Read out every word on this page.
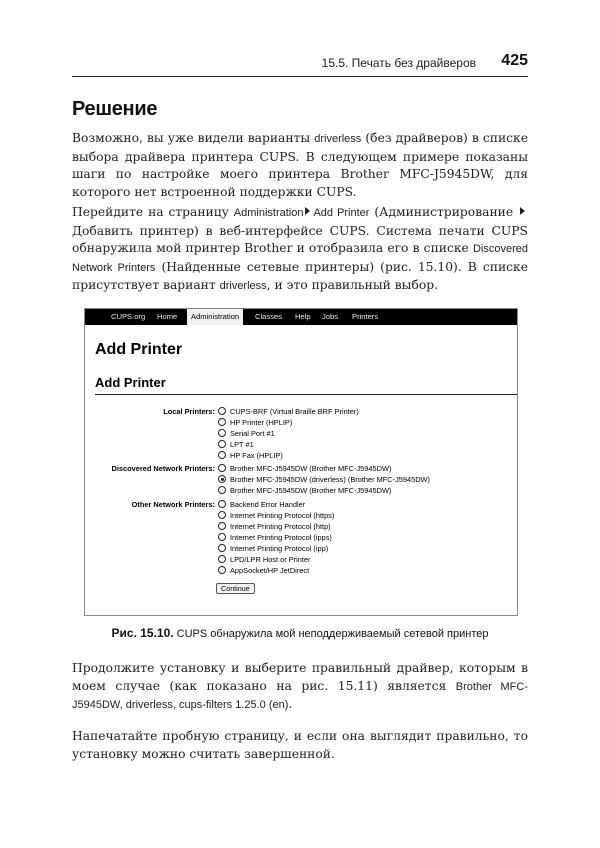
15.5. Печать без драйверов 425
Решение

Возможно, вы уже видели варианты driverless (без драйверов) в списке выбора драйвера принтера CUPS. В следующем примере показаны шаги по настройке моего принтера Brother MFC-J5945DW, для которого нет встроенной поддержки CUPS.

Перейдите на страницу Administration Add Printer (Администрирование Добавить принтер) в веб-интерфейсе CUPS. Система печати CUPS обнаружила мой принтер Brother и отобразила его в списке Discovered Network Printers (Найденные сетевые принтеры) (рис. 15.10). В списке присутствует вариант driverless, и это правильный выбор.

CUPS.org Home	Administration	Classes Help Jobs Printers
Add Printer
Add Printer
Local Printers:	CUPS-BRF (Virtual Braille BRF Printer)
HP Printer (HPLIP)
Serial Port #1
LPT #1
HP Fax (HPLIP)
Discovered Network Printers:	Brother MFC-J5945DW (Brother MFC-J5945DW)
Brother MFC-J5945DW (driverless) (Brother MFC-J5945DW)
Brother MFC-J5945DW (Brother MFC-J5945DW)
Other Network Printers:	Backend Error Handler
Internet Printing Protocol (https)
Internet Printing Protocol (http)
Internet Printing Protocol (ipps)
Internet Printing Protocol (ipp)
LPD/LPR Host or Printer
AppSocket/HP JetDirect
Continue
Рис. 15.10. CUPS обнаружила мой неподдерживаемый сетевой принтер

Продолжите установку и выберите правильный драйвер, которым в моем случае (как показано на рис. 15.11) является Brother MFC-J5945DW, driverless, cups-filters 1.25.0 (en).

Напечатайте пробную страницу, и если она выглядит правильно, то установку можно считать завершенной.
